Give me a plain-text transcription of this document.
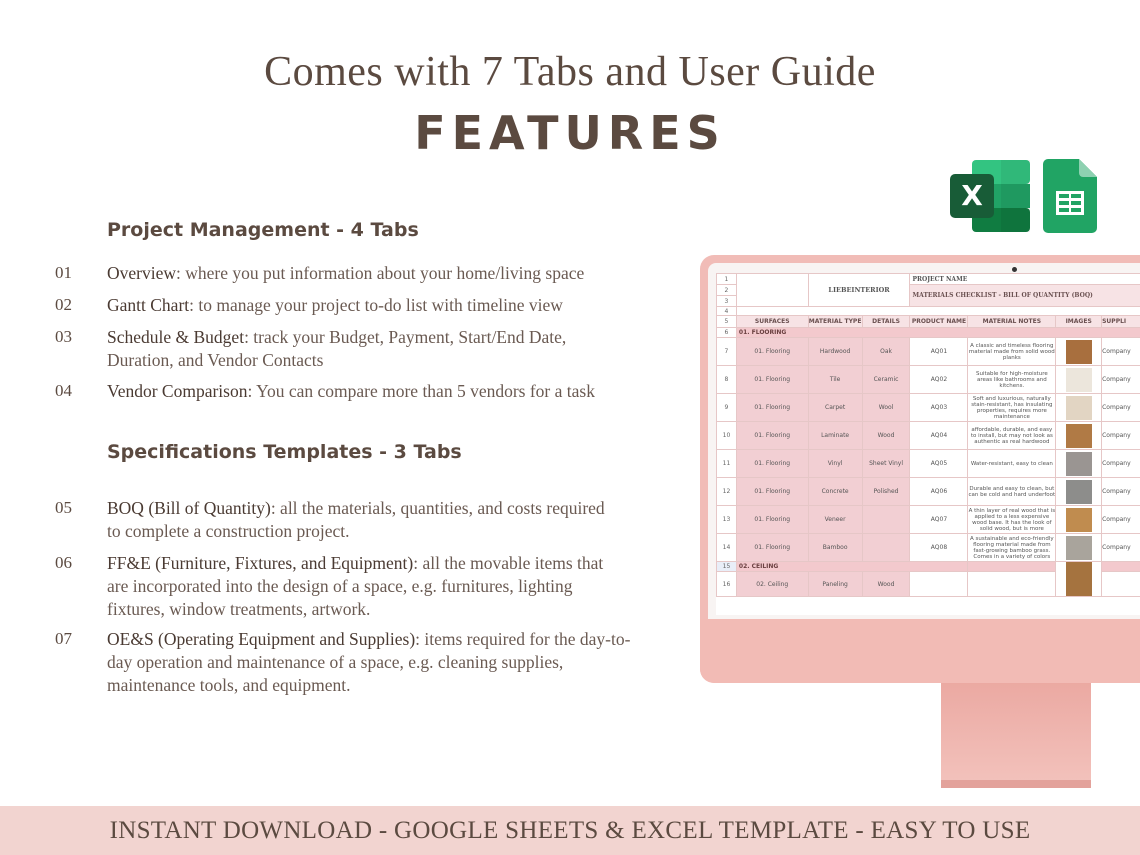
Comes with 7 Tabs and User Guide
FEATURES
Project Management - 4 Tabs
01	Overview: where you put information about your home/living space
02	Gantt Chart: to manage your project to-do list with timeline view
03	Schedule & Budget: track your Budget, Payment, Start/End Date, Duration, and Vendor Contacts
04	Vendor Comparison: You can compare more than 5 vendors for a task
Specifications Templates - 3 Tabs
05	BOQ (Bill of Quantity): all the materials, quantities, and costs required to complete a construction project.
06	FF&E (Furniture, Fixtures, and Equipment): all the movable items that are incorporated into the design of a space, e.g. furnitures, lighting fixtures, window treatments, artwork.
07	OE&S (Operating Equipment and Supplies): items required for the day-to-day operation and maintenance of a space, e.g. cleaning supplies, maintenance tools, and equipment.
X
1		LIEBEINTERIOR		PROJECT NAME			
2				MATERIALS CHECKLIST - BILL OF QUANTITY (BOQ)			
3							
4							
5	SURFACES	MATERIAL TYPE	DETAILS	PRODUCT NAME	MATERIAL NOTES	IMAGES	SUPPLI
6	01. FLOORING						
7	01. Flooring	Hardwood	Oak	AQ01	A classic and timeless flooring material made from solid wood planks		Company
8	01. Flooring	Tile	Ceramic	AQ02	Suitable for high-moisture areas like bathrooms and kitchens.		Company
9	01. Flooring	Carpet	Wool	AQ03	Soft and luxurious, naturally stain-resistant, has insulating properties, requires more maintenance		Company
10	01. Flooring	Laminate	Wood	AQ04	affordable, durable, and easy to install, but may not look as authentic as real hardwood		Company
11	01. Flooring	Vinyl	Sheet Vinyl	AQ05	Water-resistant, easy to clean		Company
12	01. Flooring	Concrete	Polished	AQ06	Durable and easy to clean, but can be cold and hard underfoot		Company
13	01. Flooring	Veneer		AQ07	A thin layer of real wood that is applied to a less expensive wood base. It has the look of solid wood, but is more		Company
14	01. Flooring	Bamboo		AQ08	A sustainable and eco-friendly flooring material made from fast-growing bamboo grass. Comes in a variety of colors		Company
15	02. CEILING					

16	02. Ceiling	Paneling	Wood				
INSTANT DOWNLOAD - GOOGLE SHEETS & EXCEL TEMPLATE - EASY TO USE
